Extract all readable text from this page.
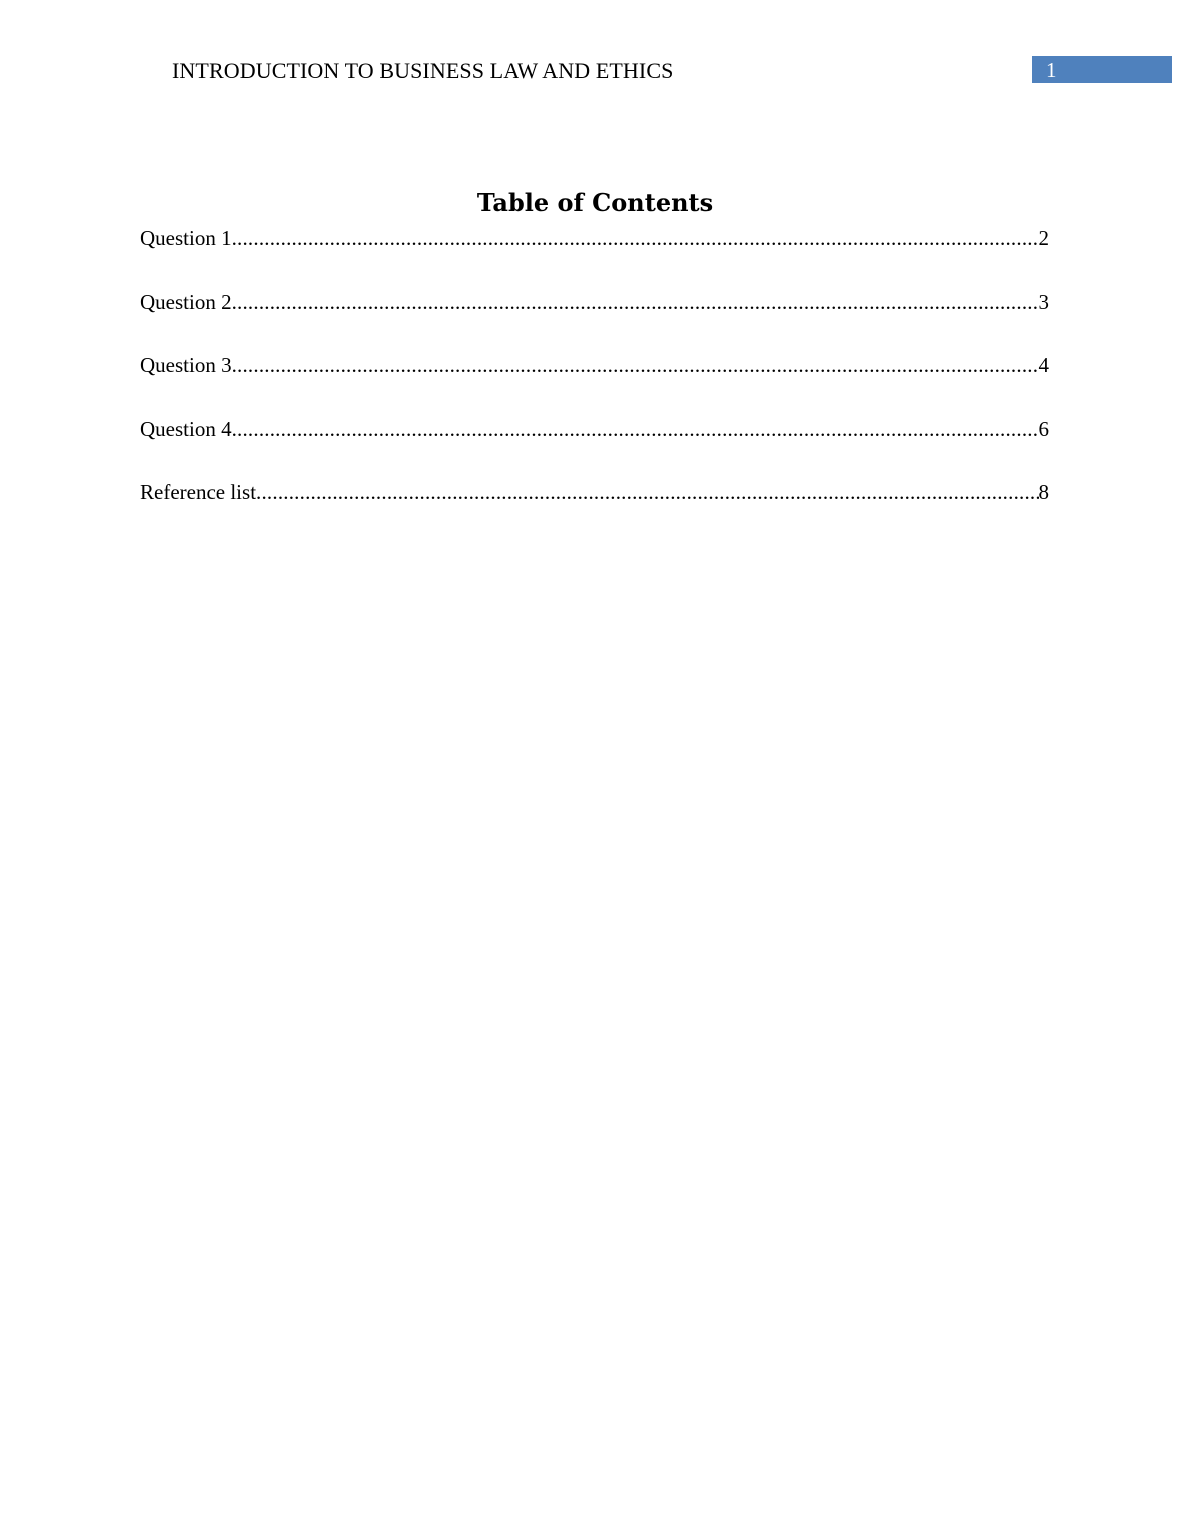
INTRODUCTION TO BUSINESS LAW AND ETHICS	1
Table of Contents
Question 1 .....	2
Question 2 .....	3
Question 3 .....	4
Question 4 .....	6
Reference list .....	8
